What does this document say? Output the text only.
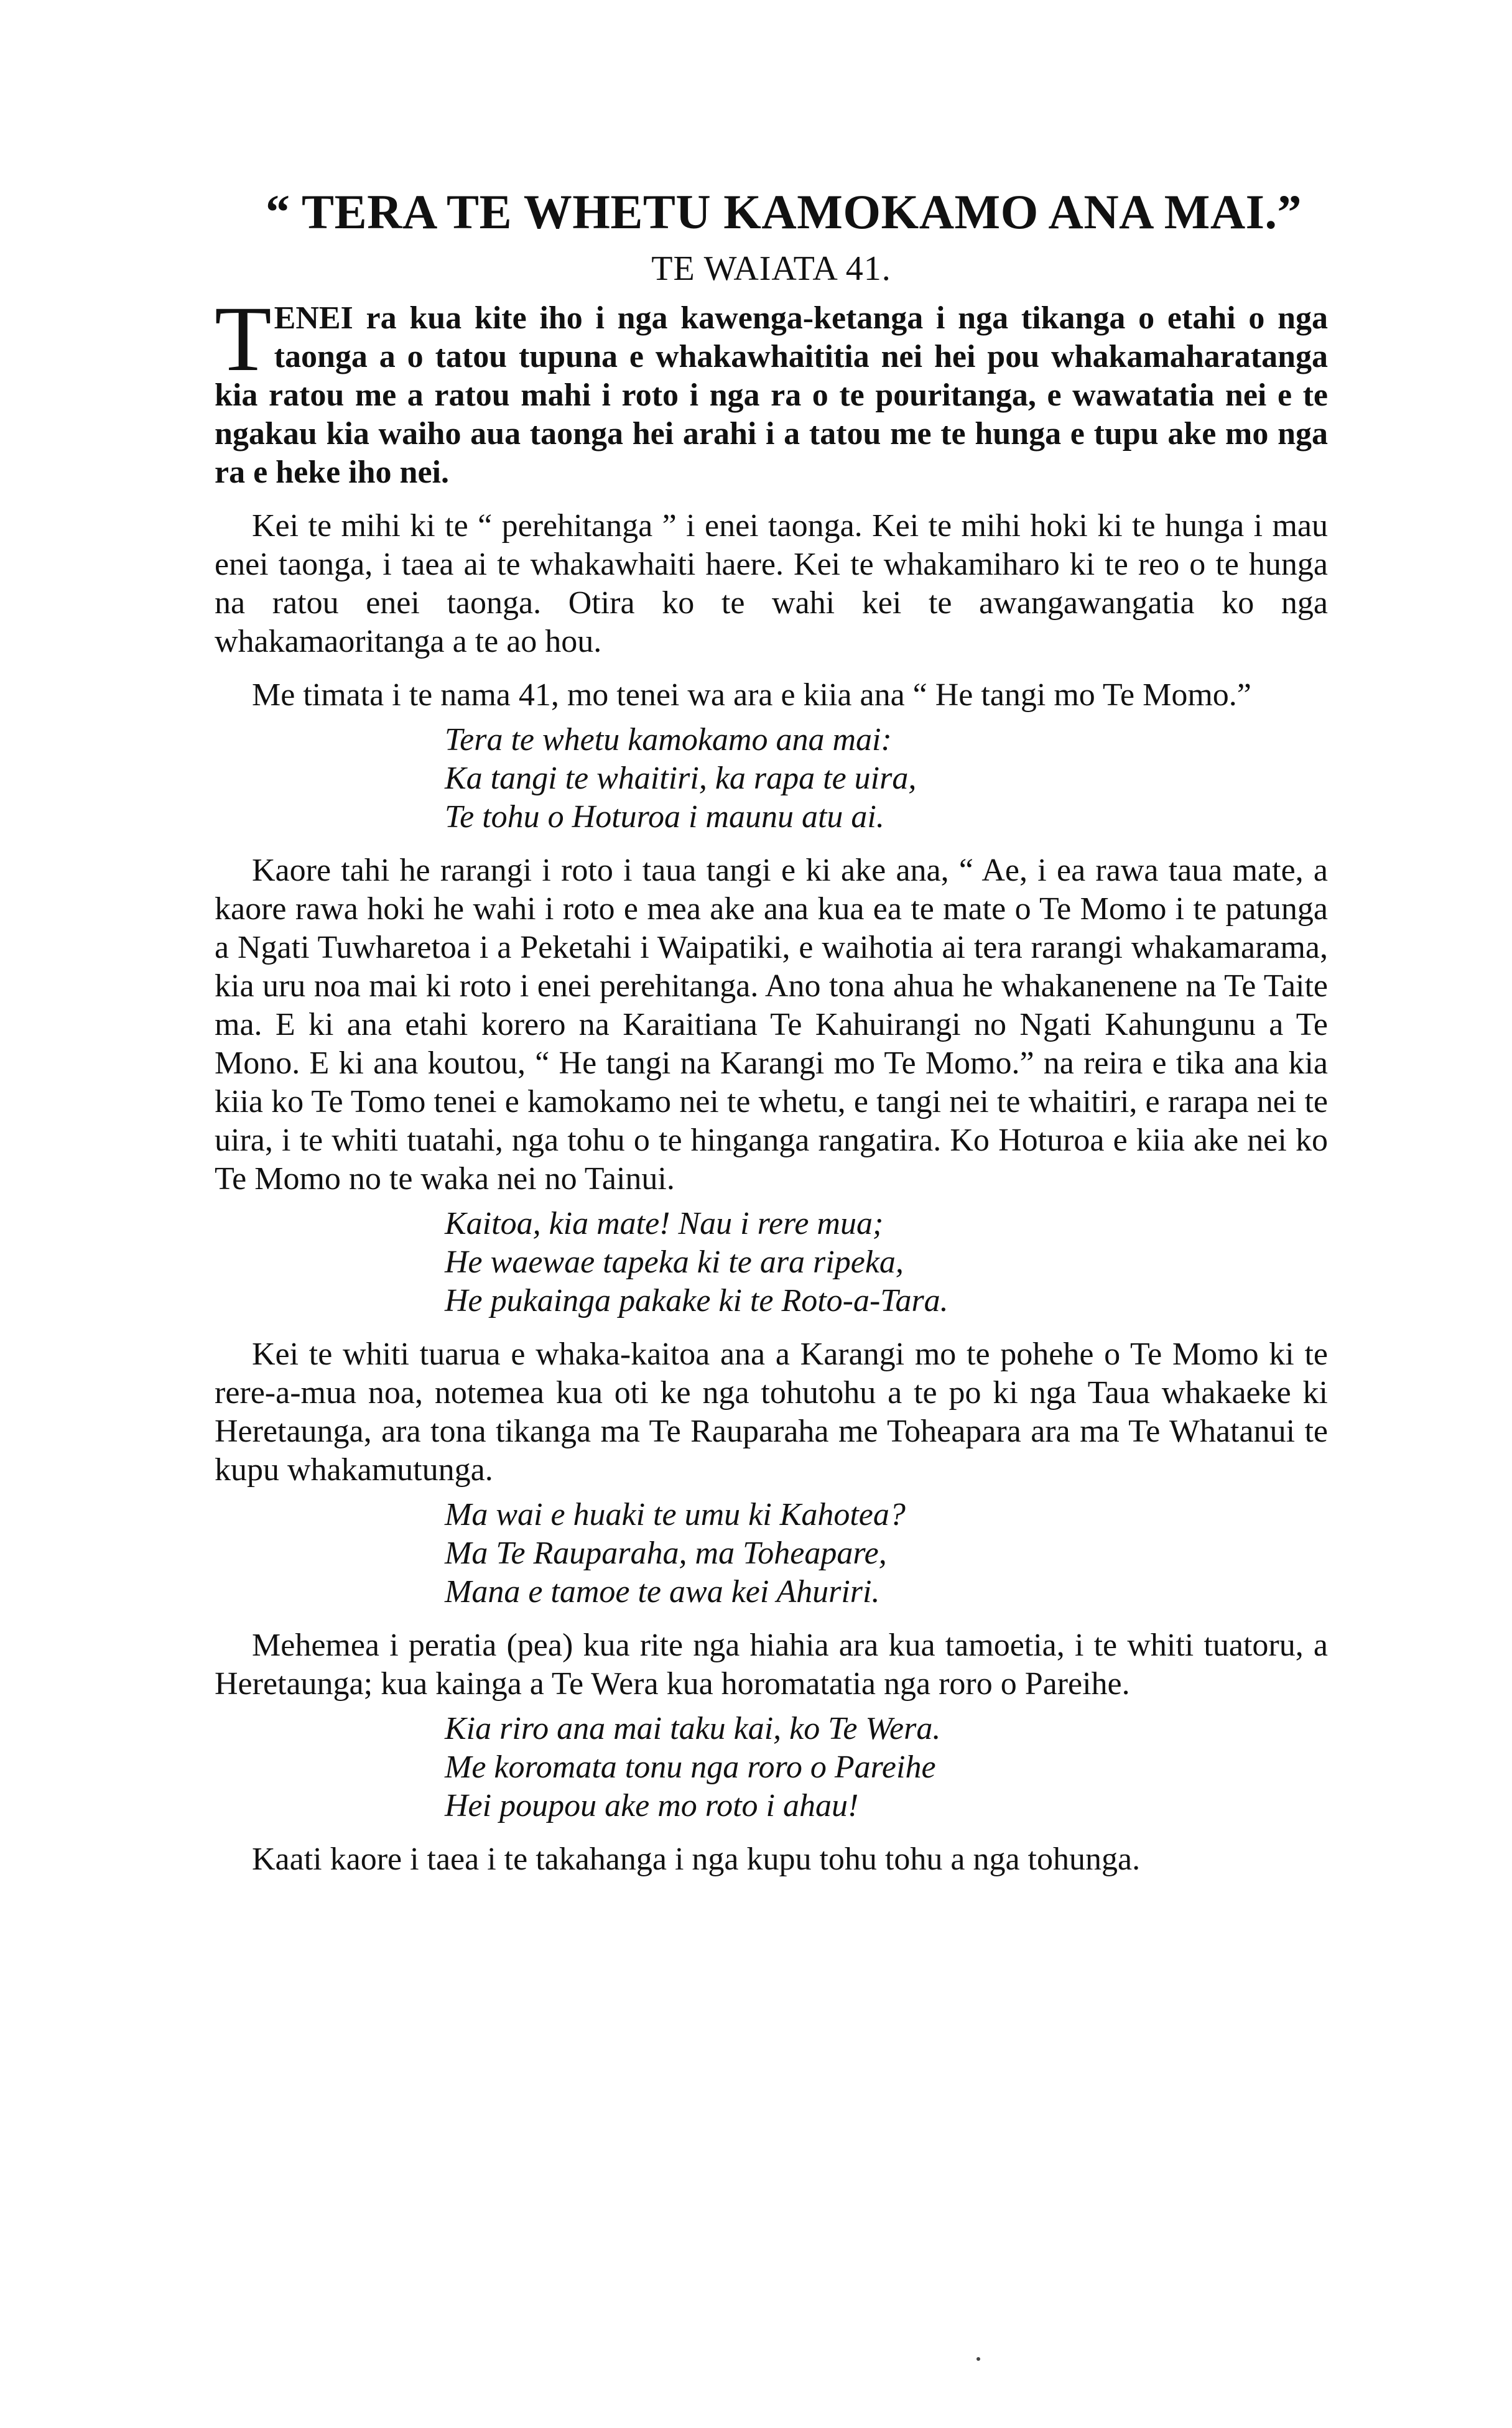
“ TERA TE WHETU KAMOKAMO ANA MAI.”
TE WAIATA 41.

TENEI ra kua kite iho i nga kawenga-ketanga i nga tikanga o etahi o nga taonga a o tatou tupuna e whakawhaititia nei hei pou whakamaharatanga kia ratou me a ratou mahi i roto i nga ra o te pouritanga, e wawatatia nei e te ngakau kia waiho aua taonga hei arahi i a tatou me te hunga e tupu ake mo nga ra e heke iho nei.

Kei te mihi ki te “ perehitanga ” i enei taonga. Kei te mihi hoki ki te hunga i mau enei taonga, i taea ai te whakawhaiti haere. Kei te whakamiharo ki te reo o te hunga na ratou enei taonga. Otira ko te wahi kei te awangawangatia ko nga whakamaoritanga a te ao hou.

Me timata i te nama 41, mo tenei wa ara e kiia ana “ He tangi mo Te Momo.”

Tera te whetu kamokamo ana mai:
Ka tangi te whaitiri, ka rapa te uira,
Te tohu o Hoturoa i maunu atu ai.

Kaore tahi he rarangi i roto i taua tangi e ki ake ana, “ Ae, i ea rawa taua mate, a kaore rawa hoki he wahi i roto e mea ake ana kua ea te mate o Te Momo i te patunga a Ngati Tuwharetoa i a Peketahi i Waipatiki, e waihotia ai tera rarangi whakamarama, kia uru noa mai ki roto i enei perehitanga. Ano tona ahua he whakanenene na Te Taite ma. E ki ana etahi korero na Karaitiana Te Kahuirangi no Ngati Kahungunu a Te Mono. E ki ana koutou, “ He tangi na Karangi mo Te Momo.” na reira e tika ana kia kiia ko Te Tomo tenei e kamokamo nei te whetu, e tangi nei te whaitiri, e rarapa nei te uira, i te whiti tuatahi, nga tohu o te hinganga rangatira. Ko Hoturoa e kiia ake nei ko Te Momo no te waka nei no Tainui.

Kaitoa, kia mate! Nau i rere mua;
He waewae tapeka ki te ara ripeka,
He pukainga pakake ki te Roto-a-Tara.

Kei te whiti tuarua e whaka-kaitoa ana a Karangi mo te pohehe o Te Momo ki te rere-a-mua noa, notemea kua oti ke nga tohutohu a te po ki nga Taua whakaeke ki Heretaunga, ara tona tikanga ma Te Rauparaha me Toheapara ara ma Te Whatanui te kupu whakamutunga.

Ma wai e huaki te umu ki Kahotea?
Ma Te Rauparaha, ma Toheapare,
Mana e tamoe te awa kei Ahuriri.

Mehemea i peratia (pea) kua rite nga hiahia ara kua tamoetia, i te whiti tuatoru, a Heretaunga; kua kainga a Te Wera kua horomatatia nga roro o Pareihe.

Kia riro ana mai taku kai, ko Te Wera.
Me koromata tonu nga roro o Pareihe
Hei poupou ake mo roto i ahau!

Kaati kaore i taea i te takahanga i nga kupu tohu tohu a nga tohunga.
